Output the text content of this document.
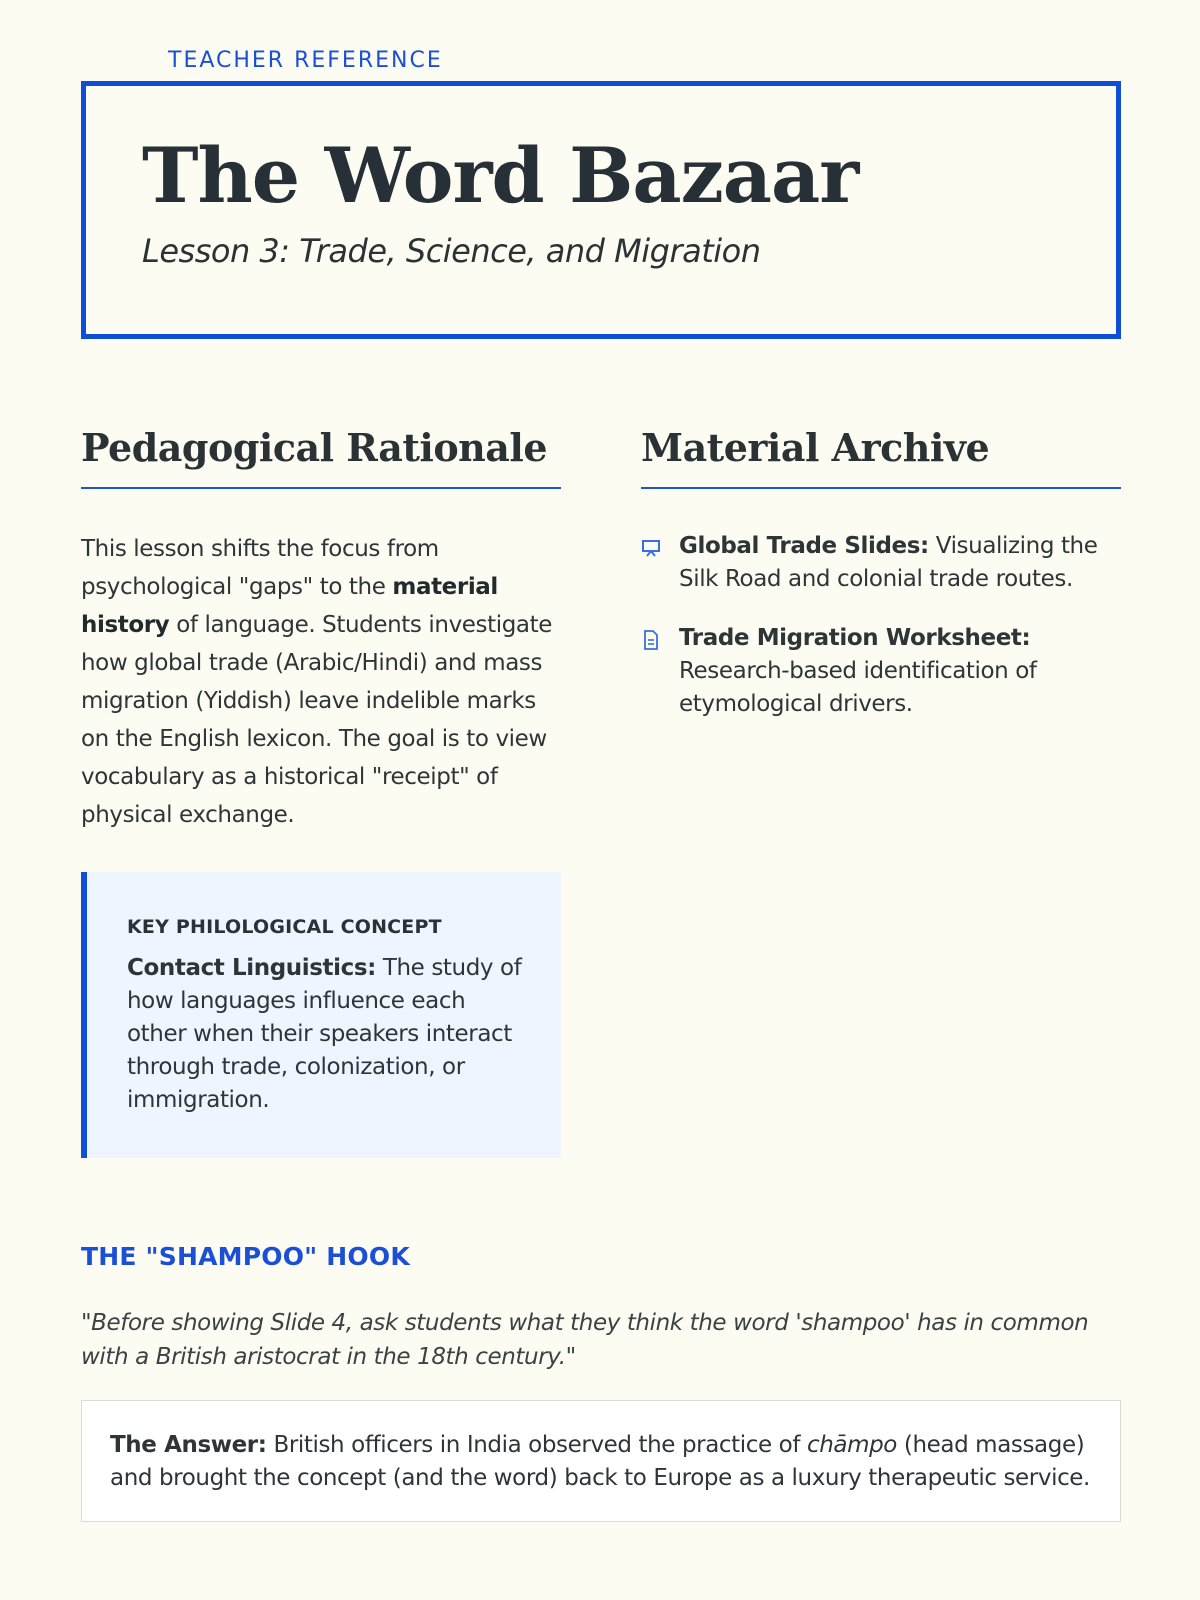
TEACHER REFERENCE
The Word Bazaar
Lesson 3: Trade, Science, and Migration
Pedagogical Rationale	Material Archive

This lesson shifts the focus from psychological "gaps" to the material history of language. Students investigate how global trade (Arabic/Hindi) and mass migration (Yiddish) leave indelible marks on the English lexicon. The goal is to view vocabulary as a historical "receipt" of physical exchange.

KEY PHILOLOGICAL CONCEPT

Contact Linguistics: The study of how languages influence each other when their speakers interact through trade, colonization, or immigration.

Global Trade Slides: Visualizing the Silk Road and colonial trade routes.
Trade Migration Worksheet: Research-based identification of etymological drivers.
THE "SHAMPOO" HOOK

"Before showing Slide 4, ask students what they think the word 'shampoo' has in common with a British aristocrat in the 18th century."

The Answer: British officers in India observed the practice of chāmpo (head massage) and brought the concept (and the word) back to Europe as a luxury therapeutic service.
